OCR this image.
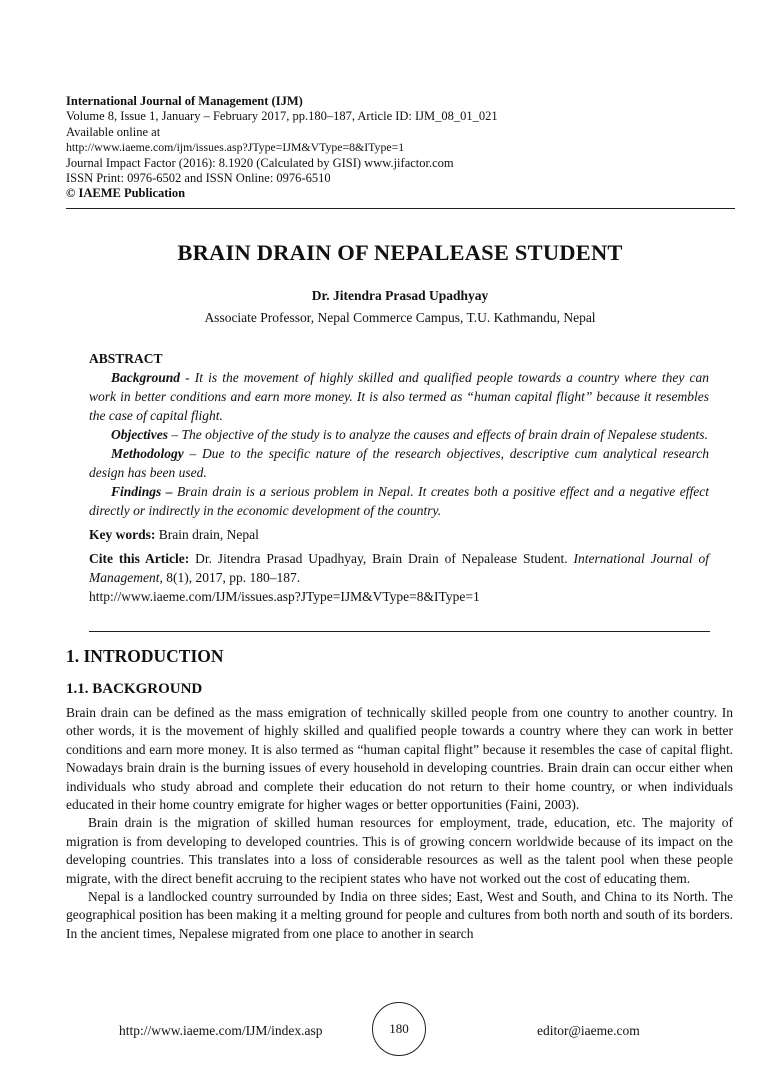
International Journal of Management (IJM)
Volume 8, Issue 1, January – February 2017, pp.180–187, Article ID: IJM_08_01_021
Available online at
http://www.iaeme.com/ijm/issues.asp?JType=IJM&VType=8&IType=1
Journal Impact Factor (2016): 8.1920 (Calculated by GISI) www.jifactor.com
ISSN Print: 0976-6502 and ISSN Online: 0976-6510
© IAEME Publication
BRAIN DRAIN OF NEPALEASE STUDENT
Dr. Jitendra Prasad Upadhyay
Associate Professor, Nepal Commerce Campus, T.U. Kathmandu, Nepal
ABSTRACT

Background - It is the movement of highly skilled and qualified people towards a country where they can work in better conditions and earn more money. It is also termed as “human capital flight” because it resembles the case of capital flight.

Objectives – The objective of the study is to analyze the causes and effects of brain drain of Nepalese students.

Methodology – Due to the specific nature of the research objectives, descriptive cum analytical research design has been used.

Findings – Brain drain is a serious problem in Nepal. It creates both a positive effect and a negative effect directly or indirectly in the economic development of the country.

Key words: Brain drain, Nepal

Cite this Article: Dr. Jitendra Prasad Upadhyay, Brain Drain of Nepalease Student. International Journal of Management, 8(1), 2017, pp. 180–187.
http://www.iaeme.com/IJM/issues.asp?JType=IJM&VType=8&IType=1

1. INTRODUCTION
1.1. BACKGROUND

Brain drain can be defined as the mass emigration of technically skilled people from one country to another country. In other words, it is the movement of highly skilled and qualified people towards a country where they can work in better conditions and earn more money. It is also termed as “human capital flight” because it resembles the case of capital flight. Nowadays brain drain is the burning issues of every household in developing countries. Brain drain can occur either when individuals who study abroad and complete their education do not return to their home country, or when individuals educated in their home country emigrate for higher wages or better opportunities (Faini, 2003).

Brain drain is the migration of skilled human resources for employment, trade, education, etc. The majority of migration is from developing to developed countries. This is of growing concern worldwide because of its impact on the developing countries. This translates into a loss of considerable resources as well as the talent pool when these people migrate, with the direct benefit accruing to the recipient states who have not worked out the cost of educating them.

Nepal is a landlocked country surrounded by India on three sides; East, West and South, and China to its North. The geographical position has been making it a melting ground for people and cultures from both north and south of its borders. In the ancient times, Nepalese migrated from one place to another in search

http://www.iaeme.com/IJM/index.asp	180	editor@iaeme.com
